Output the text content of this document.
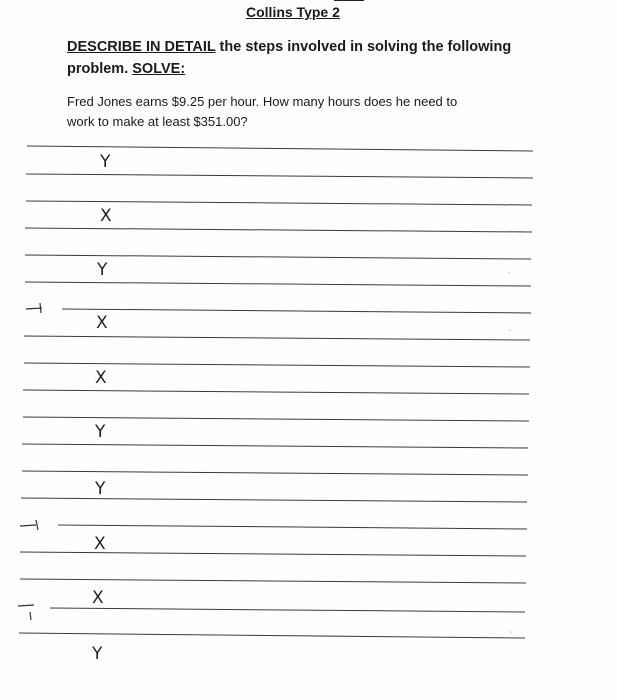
Collins Type 2
DESCRIBE IN DETAIL the steps involved in solving the following
problem. SOLVE:
Fred Jones earns $9.25 per hour. How many hours does he need to
work to make at least $351.00?
Y
X
Y
X
X
Y
Y
X
X
Y
